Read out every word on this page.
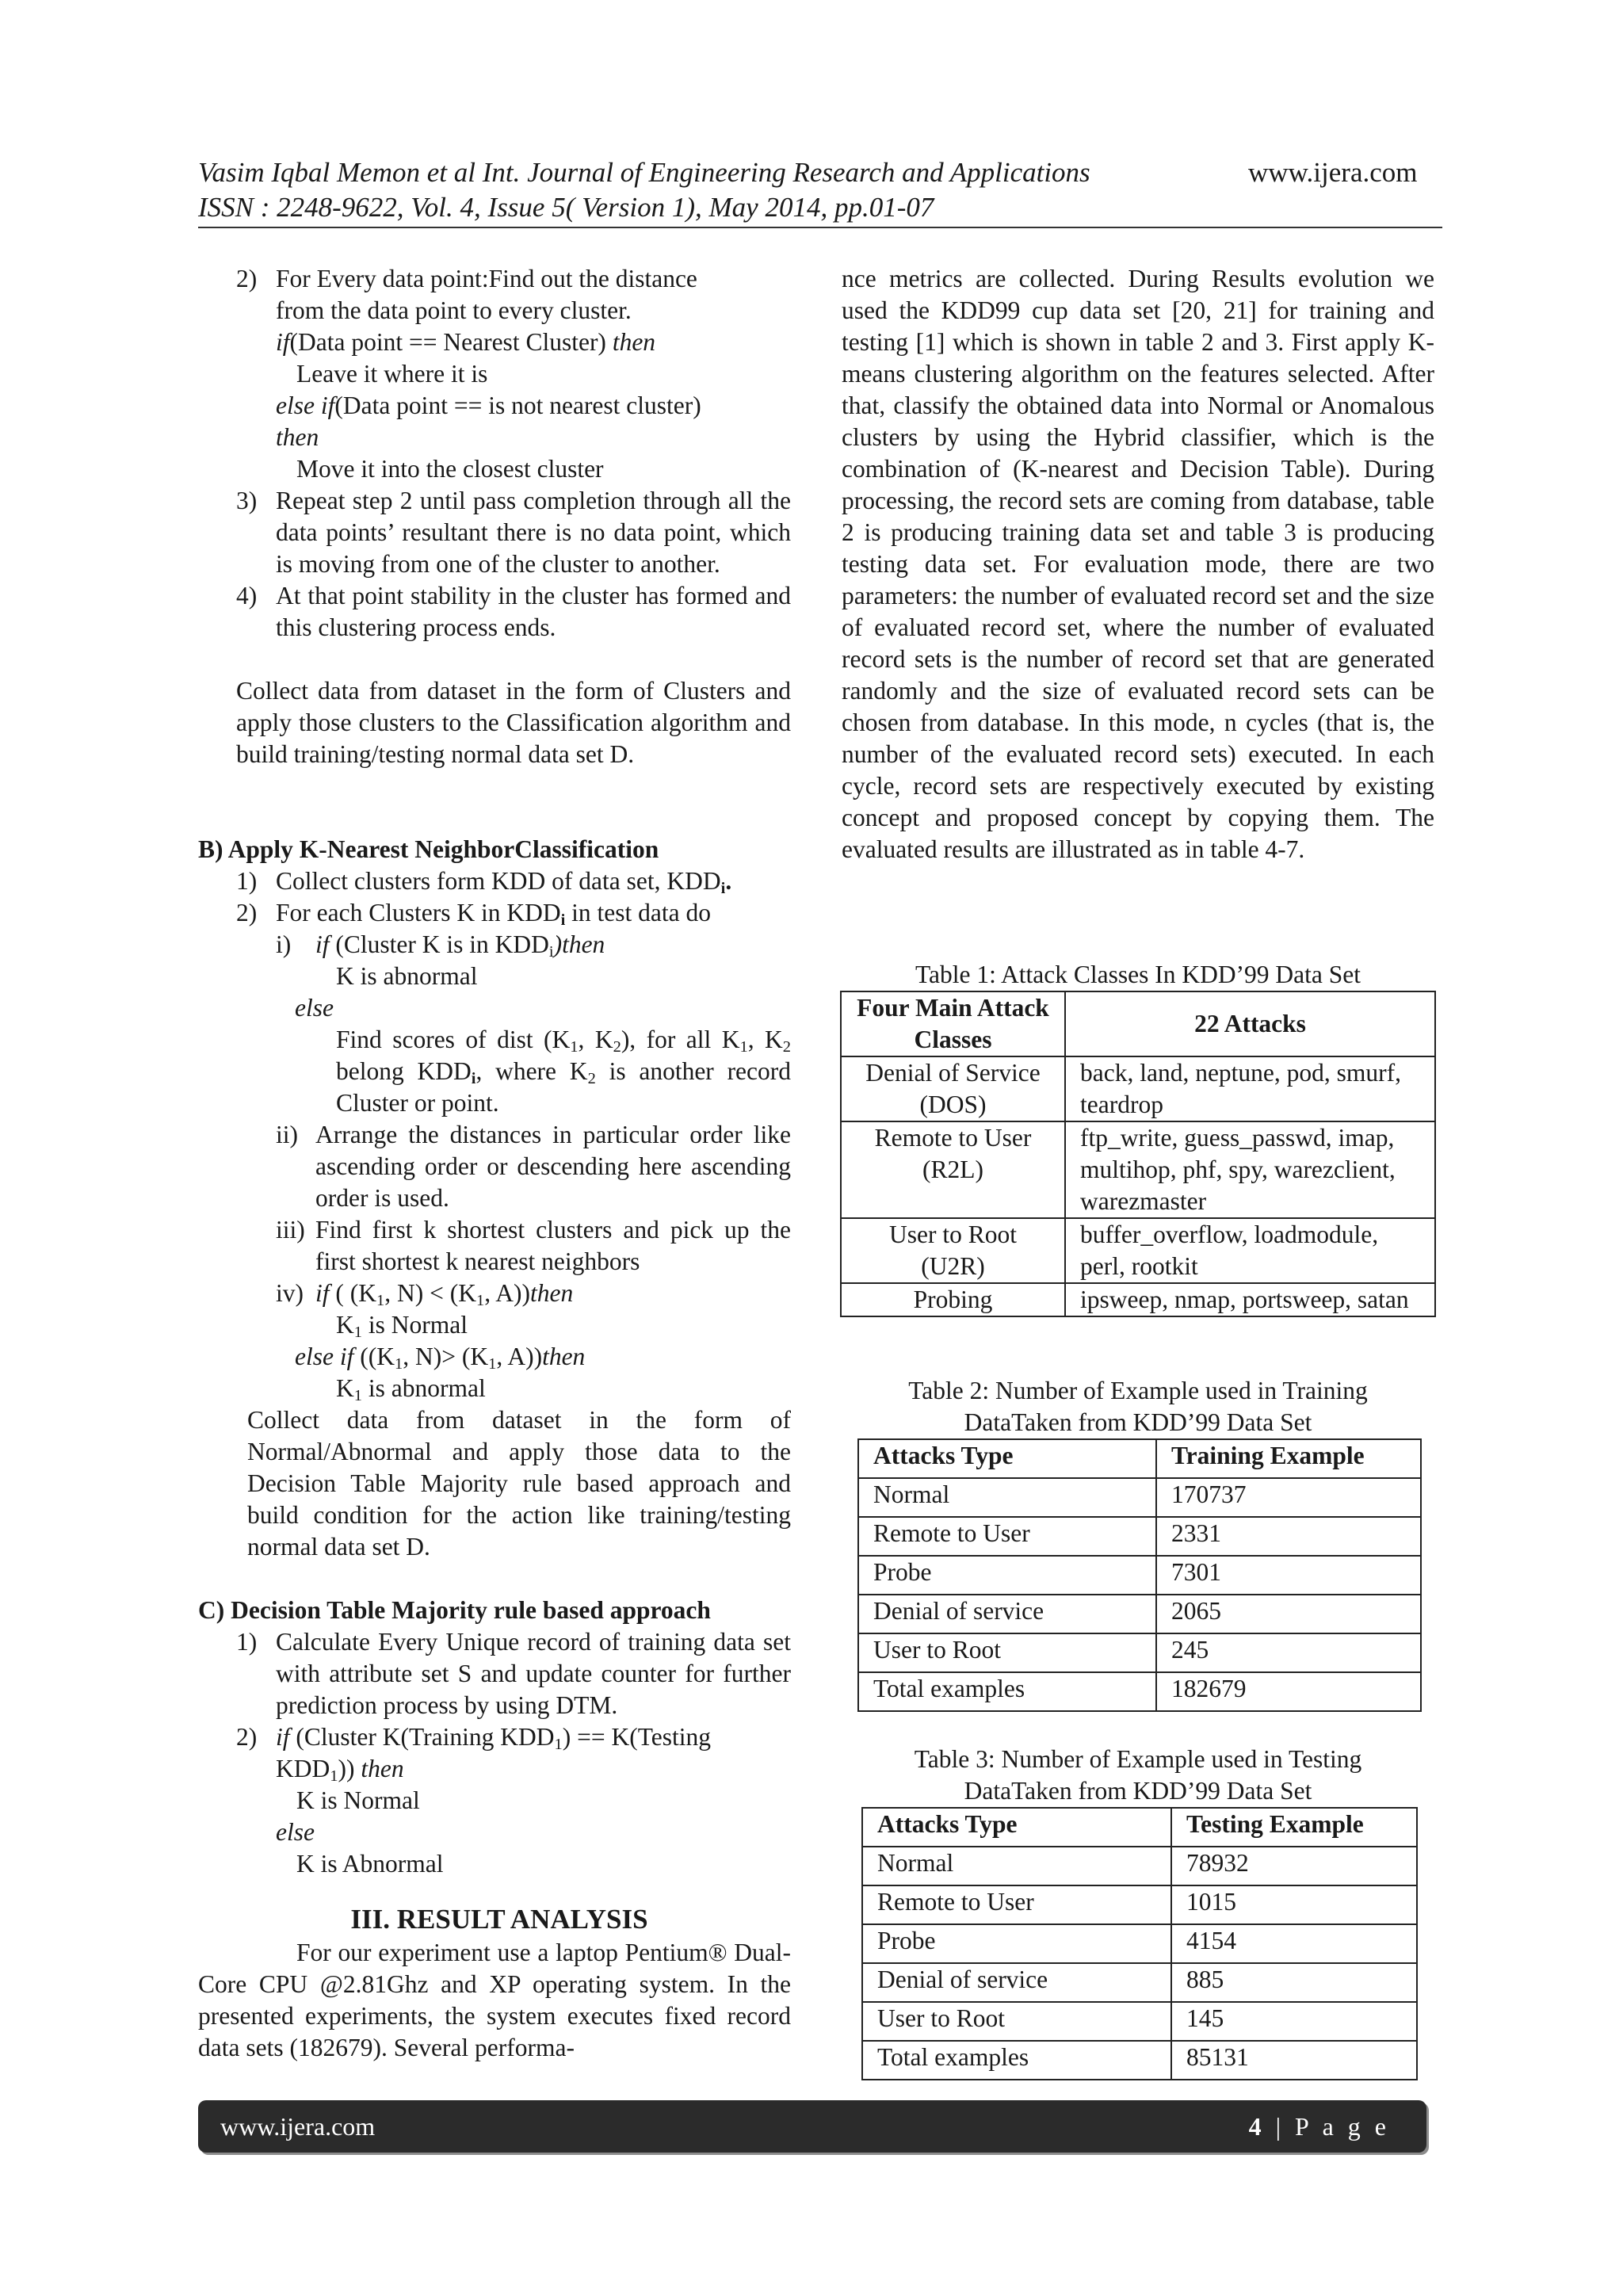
Vasim Iqbal Memon et al Int. Journal of Engineering Research and Applications	www.ijera.com
ISSN : 2248-9622, Vol. 4, Issue 5( Version 1), May 2014, pp.01-07
2) For Every data point:Find out the distance
from the data point to every cluster.
if(Data point == Nearest Cluster) then
Leave it where it is
else if(Data point == is not nearest cluster)
then
Move it into the closest cluster
3) Repeat step 2 until pass completion through all the data points’ resultant there is no data point, which is moving from one of the cluster to another.
4) At that point stability in the cluster has formed and this clustering process ends.

Collect data from dataset in the form of Clusters and apply those clusters to the Classification algorithm and build training/testing normal data set D.

B) Apply K-Nearest NeighborClassification
1) Collect clusters form KDD of data set, $KDD_i$.
2) For each Clusters K in $KDD_i$ in test data do
i) if (Cluster K is in $KDD_i)then$
K is abnormal
else
Find scores of dist ($K_1$, $K_2$), for all $K_1$, $K_2$
belong $KDD_i$, where $K_2$ is another record
Cluster or point.
ii) Arrange the distances in particular order like ascending order or descending here ascending order is used.
iii) Find first k shortest clusters and pick up the first shortest k nearest neighbors
iv) if ( ($K_1$, $N) < (K_1$, A))then
$K_1$ is Normal
else if (($K_1$, $N)> (K_1$, A))then
$K_1$ is abnormal

Collect data from dataset in the form of Normal/Abnormal and apply those data to the Decision Table Majority rule based approach and build condition for the action like training/testing normal data set D.

C) Decision Table Majority rule based approach
1) Calculate Every Unique record of training data set with attribute set S and update counter for further prediction process by using DTM.
2) if (Cluster K(Training $KDD_1$) == K(Testing
$KDD_1$)) then
K is Normal
else
K is Abnormal
III. RESULT ANALYSIS

For our experiment use a laptop Pentium® Dual-Core CPU @2.81Ghz and XP operating system. In the presented experiments, the system executes fixed record data sets (182679). Several performa-

nce metrics are collected. During Results evolution we used the KDD99 cup data set [20, 21] for training and testing [1] which is shown in table 2 and 3. First apply K-means clustering algorithm on the features selected. After that, classify the obtained data into Normal or Anomalous clusters by using the Hybrid classifier, which is the combination of (K-nearest and Decision Table). During processing, the record sets are coming from database, table 2 is producing training data set and table 3 is producing testing data set. For evaluation mode, there are two parameters: the number of evaluated record set and the size of evaluated record set, where the number of evaluated record sets is the number of record set that are generated randomly and the size of evaluated record sets can be chosen from database. In this mode, n cycles (that is, the number of the evaluated record sets) executed. In each cycle, record sets are respectively executed by existing concept and proposed concept by copying them. The evaluated results are illustrated as in table 4-7.

Table 1: Attack Classes In KDD’99 Data Set
Four Main Attack Classes	22 Attacks
Denial of Service (DOS)	back, land, neptune, pod, smurf, teardrop
Remote to User (R2L)	ftp_write, guess_passwd, imap, multihop, phf, spy, warezclient, warezmaster
User to Root (U2R)	buffer_overflow, loadmodule, perl, rootkit
Probing	ipsweep, nmap, portsweep, satan
Table 2: Number of Example used in Training
DataTaken from KDD’99 Data Set
Attacks Type	Training Example
Normal	170737
Remote to User	2331
Probe	7301
Denial of service	2065
User to Root	245
Total examples	182679
Table 3: Number of Example used in Testing
DataTaken from KDD’99 Data Set
Attacks Type	Testing Example
Normal	78932
Remote to User	1015
Probe	4154
Denial of service	885
User to Root	145
Total examples	85131
www.ijera.com	4 | P a g e
